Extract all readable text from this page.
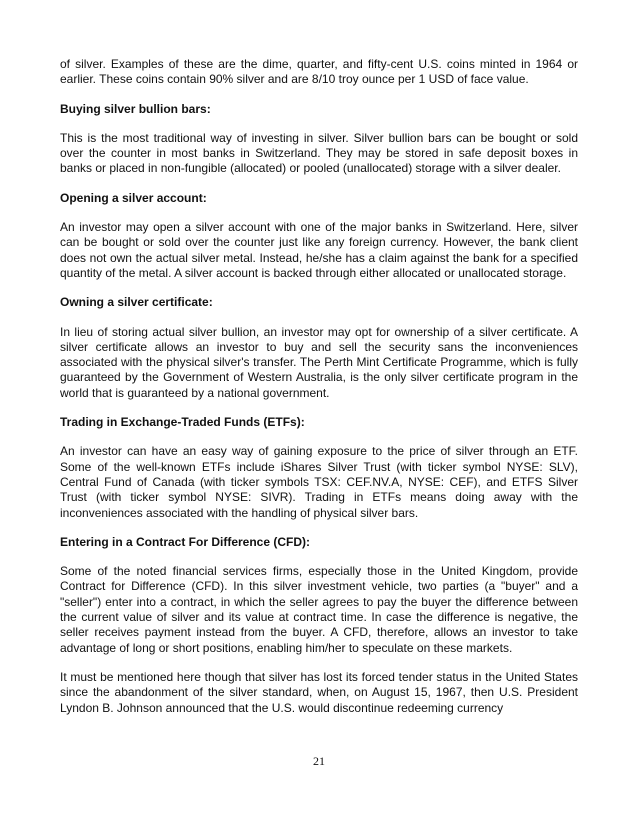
of silver. Examples of these are the dime, quarter, and fifty-cent U.S. coins minted in 1964 or earlier. These coins contain 90% silver and are 8/10 troy ounce per 1 USD of face value.

Buying silver bullion bars:

This is the most traditional way of investing in silver. Silver bullion bars can be bought or sold over the counter in most banks in Switzerland. They may be stored in safe deposit boxes in banks or placed in non-fungible (allocated) or pooled (unallocated) storage with a silver dealer.

Opening a silver account:

An investor may open a silver account with one of the major banks in Switzerland. Here, silver can be bought or sold over the counter just like any foreign currency. However, the bank client does not own the actual silver metal. Instead, he/she has a claim against the bank for a specified quantity of the metal. A silver account is backed through either allocated or unallocated storage.

Owning a silver certificate:

In lieu of storing actual silver bullion, an investor may opt for ownership of a silver certificate. A silver certificate allows an investor to buy and sell the security sans the inconveniences associated with the physical silver's transfer. The Perth Mint Certificate Programme, which is fully guaranteed by the Government of Western Australia, is the only silver certificate program in the world that is guaranteed by a national government.

Trading in Exchange-Traded Funds (ETFs):

An investor can have an easy way of gaining exposure to the price of silver through an ETF. Some of the well-known ETFs include iShares Silver Trust (with ticker symbol NYSE: SLV), Central Fund of Canada (with ticker symbols TSX: CEF.NV.A, NYSE: CEF), and ETFS Silver Trust (with ticker symbol NYSE: SIVR). Trading in ETFs means doing away with the inconveniences associated with the handling of physical silver bars.

Entering in a Contract For Difference (CFD):

Some of the noted financial services firms, especially those in the United Kingdom, provide Contract for Difference (CFD). In this silver investment vehicle, two parties (a "buyer" and a "seller") enter into a contract, in which the seller agrees to pay the buyer the difference between the current value of silver and its value at contract time. In case the difference is negative, the seller receives payment instead from the buyer. A CFD, therefore, allows an investor to take advantage of long or short positions, enabling him/her to speculate on these markets.

It must be mentioned here though that silver has lost its forced tender status in the United States since the abandonment of the silver standard, when, on August 15, 1967, then U.S. President Lyndon B. Johnson announced that the U.S. would discontinue redeeming currency

21
